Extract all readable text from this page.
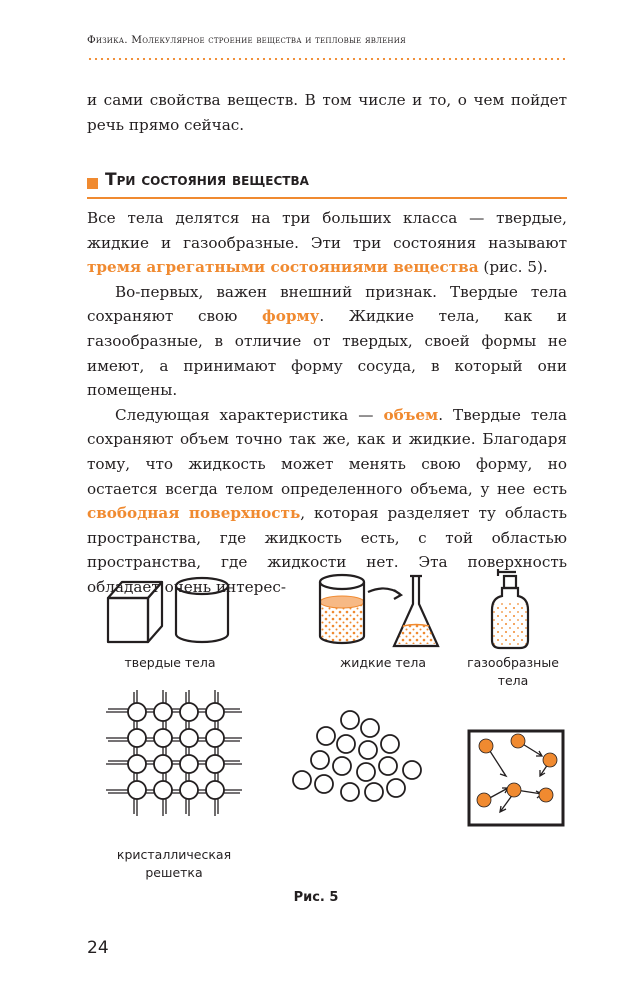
Физика. Молекулярное строение вещества и тепловые явления

и сами свойства веществ. В том числе и то, о чем пойдет речь прямо сейчас.

Три состояния вещества

Все тела делятся на три больших класса — твердые, жидкие и газообразные. Эти три состояния называют тремя агрегатными состояниями вещества (рис. 5).

Во-первых, важен внешний признак. Твердые тела сохраняют свою форму. Жидкие тела, как и газообразные, в отличие от твердых, своей формы не имеют, а принимают форму сосуда, в который они помещены.

Следующая характеристика — объем. Твердые тела сохраняют объем точно так же, как и жидкие. Благодаря тому, что жидкость может менять свою форму, но остается всегда телом определенного объема, у нее есть свободная поверхность, которая разделяет ту область пространства, где жидкость есть, с той областью пространства, где жидкости нет. Эта поверхность обладает очень интерес-

твердые тела	жидкие тела	газообразные тела
кристаллическая решетка
Рис. 5
24
